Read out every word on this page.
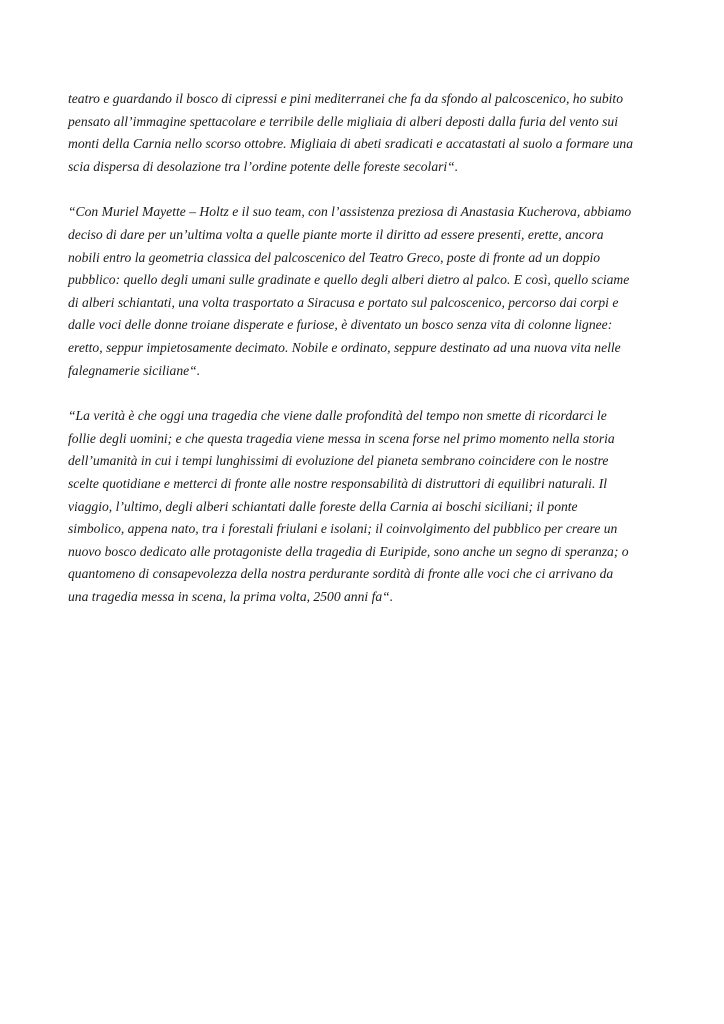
teatro e guardando il bosco di cipressi e pini mediterranei che fa da sfondo al palcoscenico, ho subito
pensato all’immagine spettacolare e terribile delle migliaia di alberi deposti dalla furia del vento sui
monti della Carnia nello scorso ottobre. Migliaia di abeti sradicati e accatastati al suolo a formare una
scia dispersa di desolazione tra l’ordine potente delle foreste secolari“.

“Con Muriel Mayette – Holtz e il suo team, con l’assistenza preziosa di Anastasia Kucherova, abbiamo
deciso di dare per un’ultima volta a quelle piante morte il diritto ad essere presenti, erette, ancora
nobili entro la geometria classica del palcoscenico del Teatro Greco, poste di fronte ad un doppio
pubblico: quello degli umani sulle gradinate e quello degli alberi dietro al palco. E così, quello sciame
di alberi schiantati, una volta trasportato a Siracusa e portato sul palcoscenico, percorso dai corpi e
dalle voci delle donne troiane disperate e furiose, è diventato un bosco senza vita di colonne lignee:
eretto, seppur impietosamente decimato. Nobile e ordinato, seppure destinato ad una nuova vita nelle
falegnamerie siciliane“.

“La verità è che oggi una tragedia che viene dalle profondità del tempo non smette di ricordarci le
follie degli uomini; e che questa tragedia viene messa in scena forse nel primo momento nella storia
dell’umanità in cui i tempi lunghissimi di evoluzione del pianeta sembrano coincidere con le nostre
scelte quotidiane e metterci di fronte alle nostre responsabilità di distruttori di equilibri naturali. Il
viaggio, l’ultimo, degli alberi schiantati dalle foreste della Carnia ai boschi siciliani; il ponte
simbolico, appena nato, tra i forestali friulani e isolani; il coinvolgimento del pubblico per creare un
nuovo bosco dedicato alle protagoniste della tragedia di Euripide, sono anche un segno di speranza; o
quantomeno di consapevolezza della nostra perdurante sordità di fronte alle voci che ci arrivano da
una tragedia messa in scena, la prima volta, 2500 anni fa“.
